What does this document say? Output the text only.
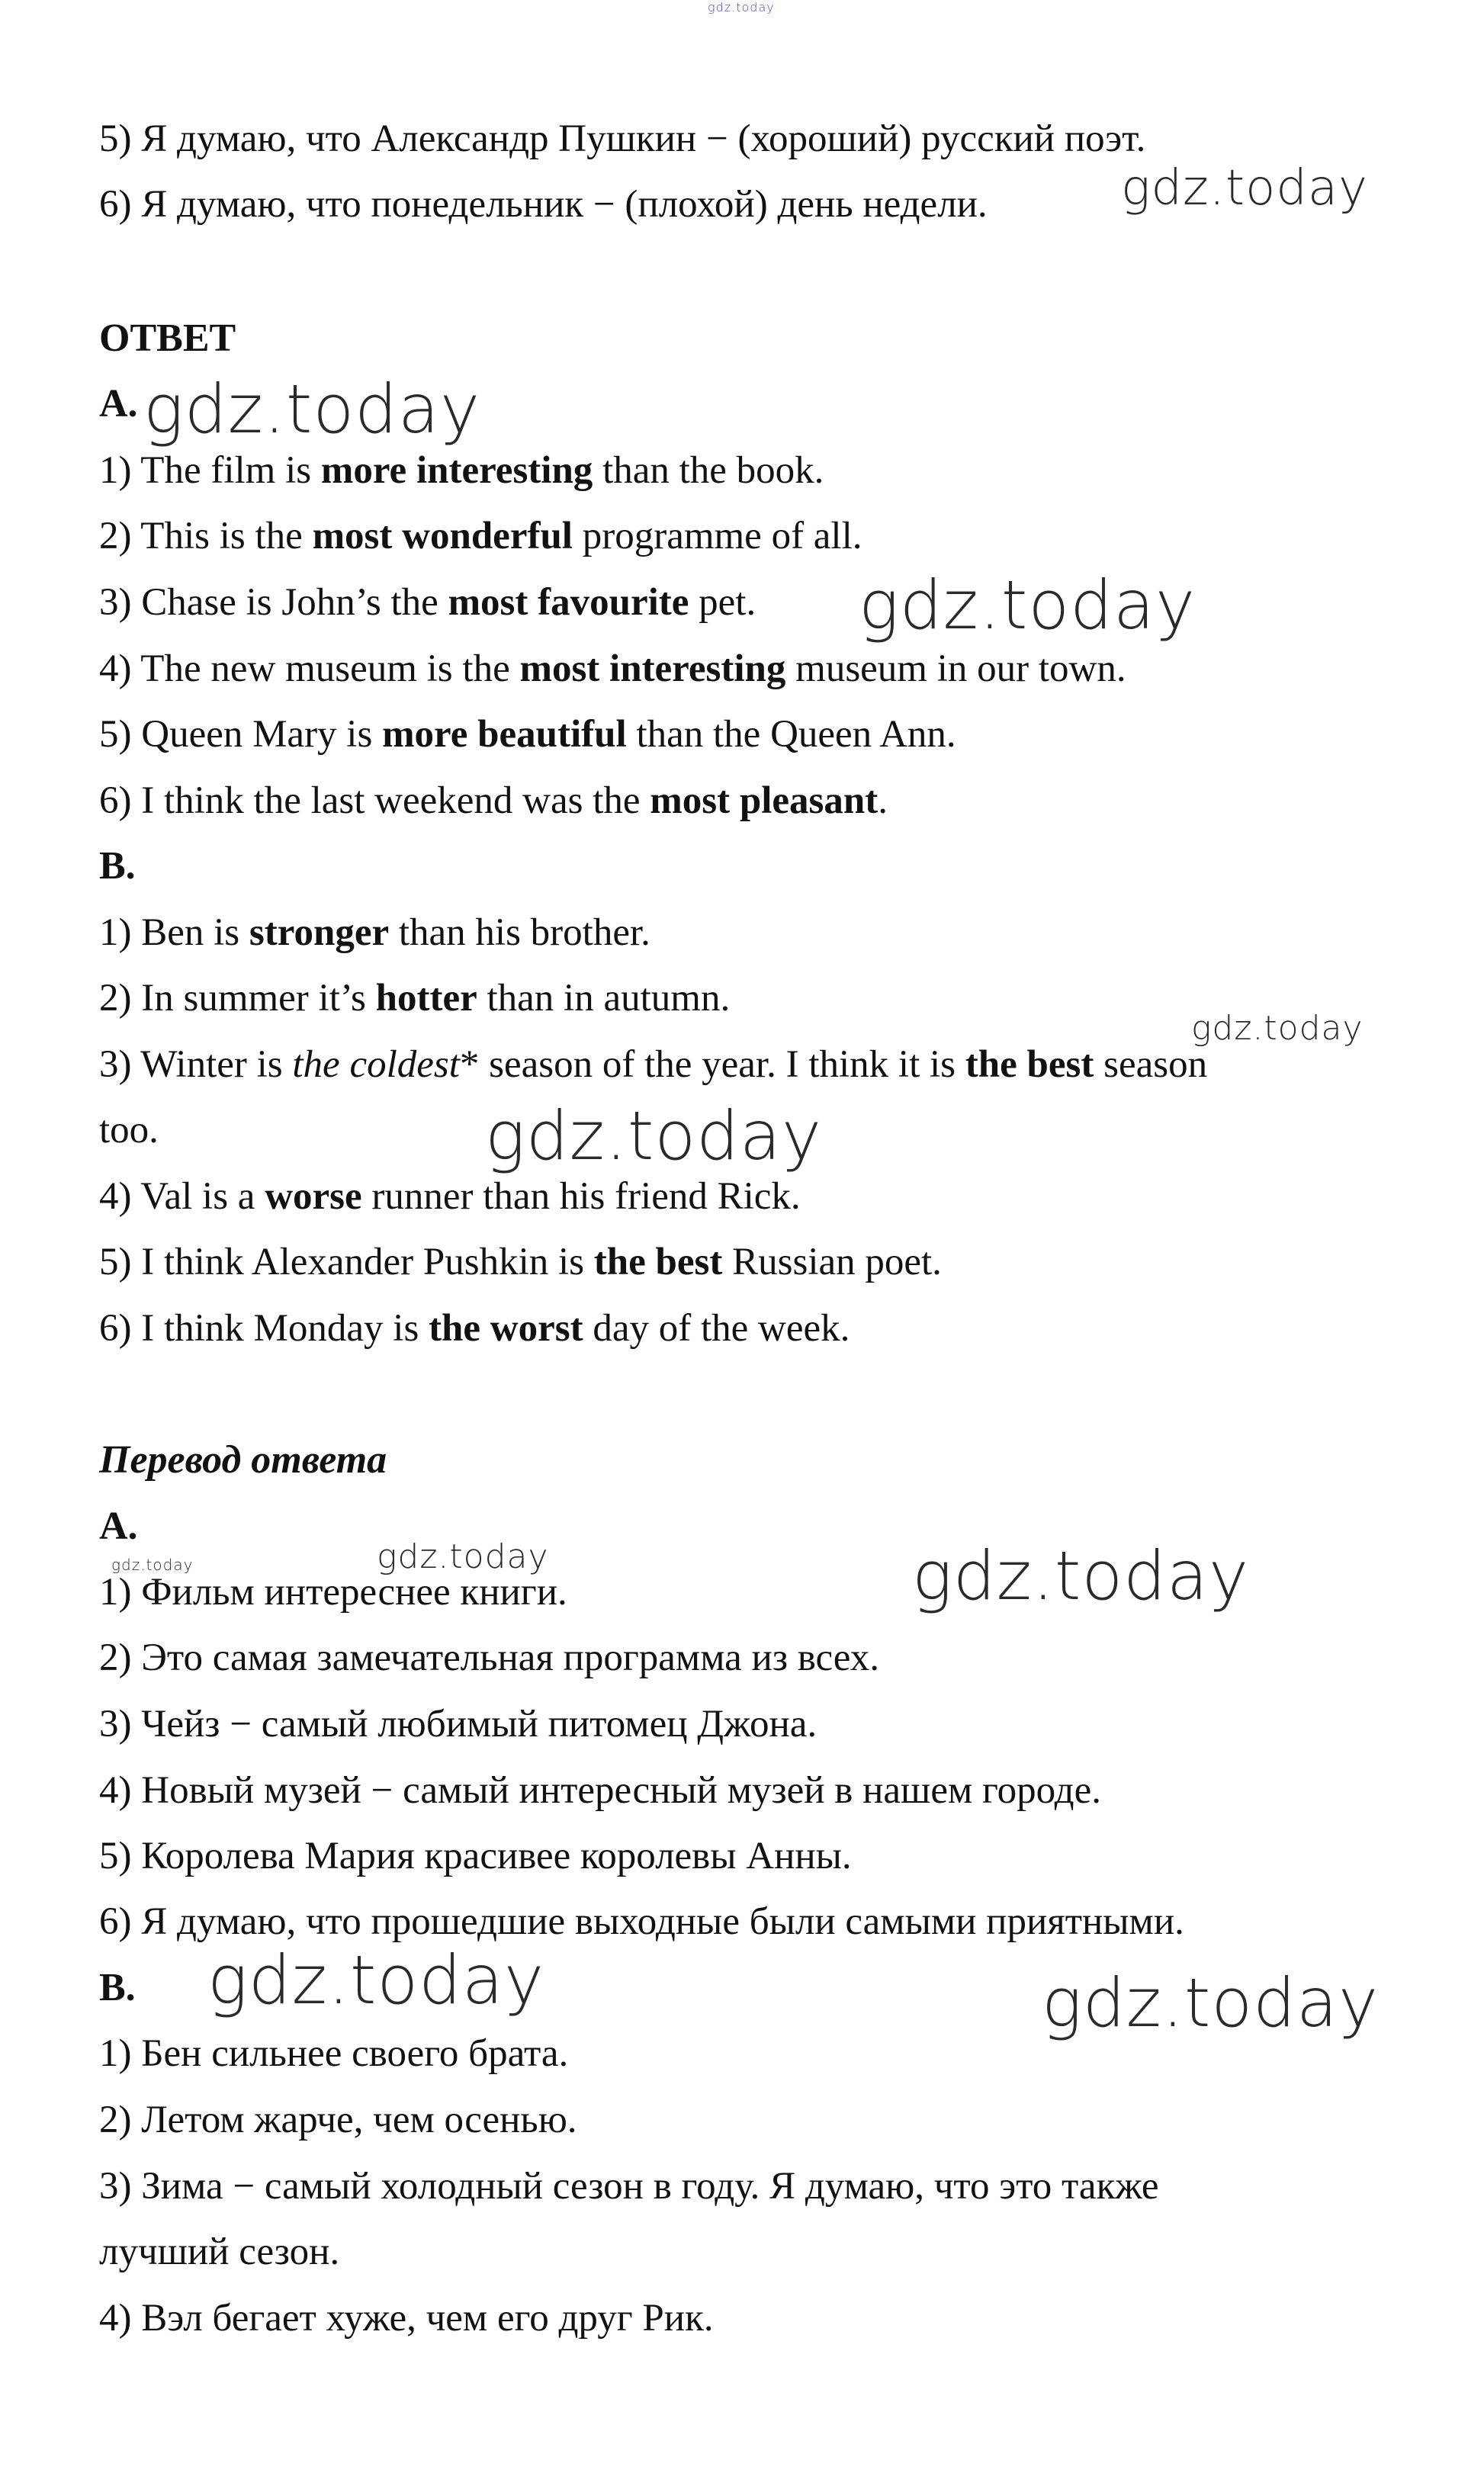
gdz.today
5) Я думаю, что Александр Пушкин − (хороший) русский поэт.
6) Я думаю, что понедельник − (плохой) день недели.
ОТВЕТ
A.
1) The film is more interesting than the book.
2) This is the most wonderful programme of all.
3) Chase is John’s the most favourite pet.
4) The new museum is the most interesting museum in our town.
5) Queen Mary is more beautiful than the Queen Ann.
6) I think the last weekend was the most pleasant.
B.
1) Ben is stronger than his brother.
2) In summer it’s hotter than in autumn.
3) Winter is the coldest* season of the year. I think it is the best season
too.
4) Val is a worse runner than his friend Rick.
5) I think Alexander Pushkin is the best Russian poet.
6) I think Monday is the worst day of the week.
Перевод ответа
A.
1) Фильм интереснее книги.
2) Это самая замечательная программа из всех.
3) Чейз − самый любимый питомец Джона.
4) Новый музей − самый интересный музей в нашем городе.
5) Королева Мария красивее королевы Анны.
6) Я думаю, что прошедшие выходные были самыми приятными.
B.
1) Бен сильнее своего брата.
2) Летом жарче, чем осенью.
3) Зима − самый холодный сезон в году. Я думаю, что это также
лучший сезон.
4) Вэл бегает хуже, чем его друг Рик.
gdz.today
gdz.today
gdz.today
gdz.today
gdz.today
gdz.today	gdz.today	gdz.today
gdz.today	gdz.today
